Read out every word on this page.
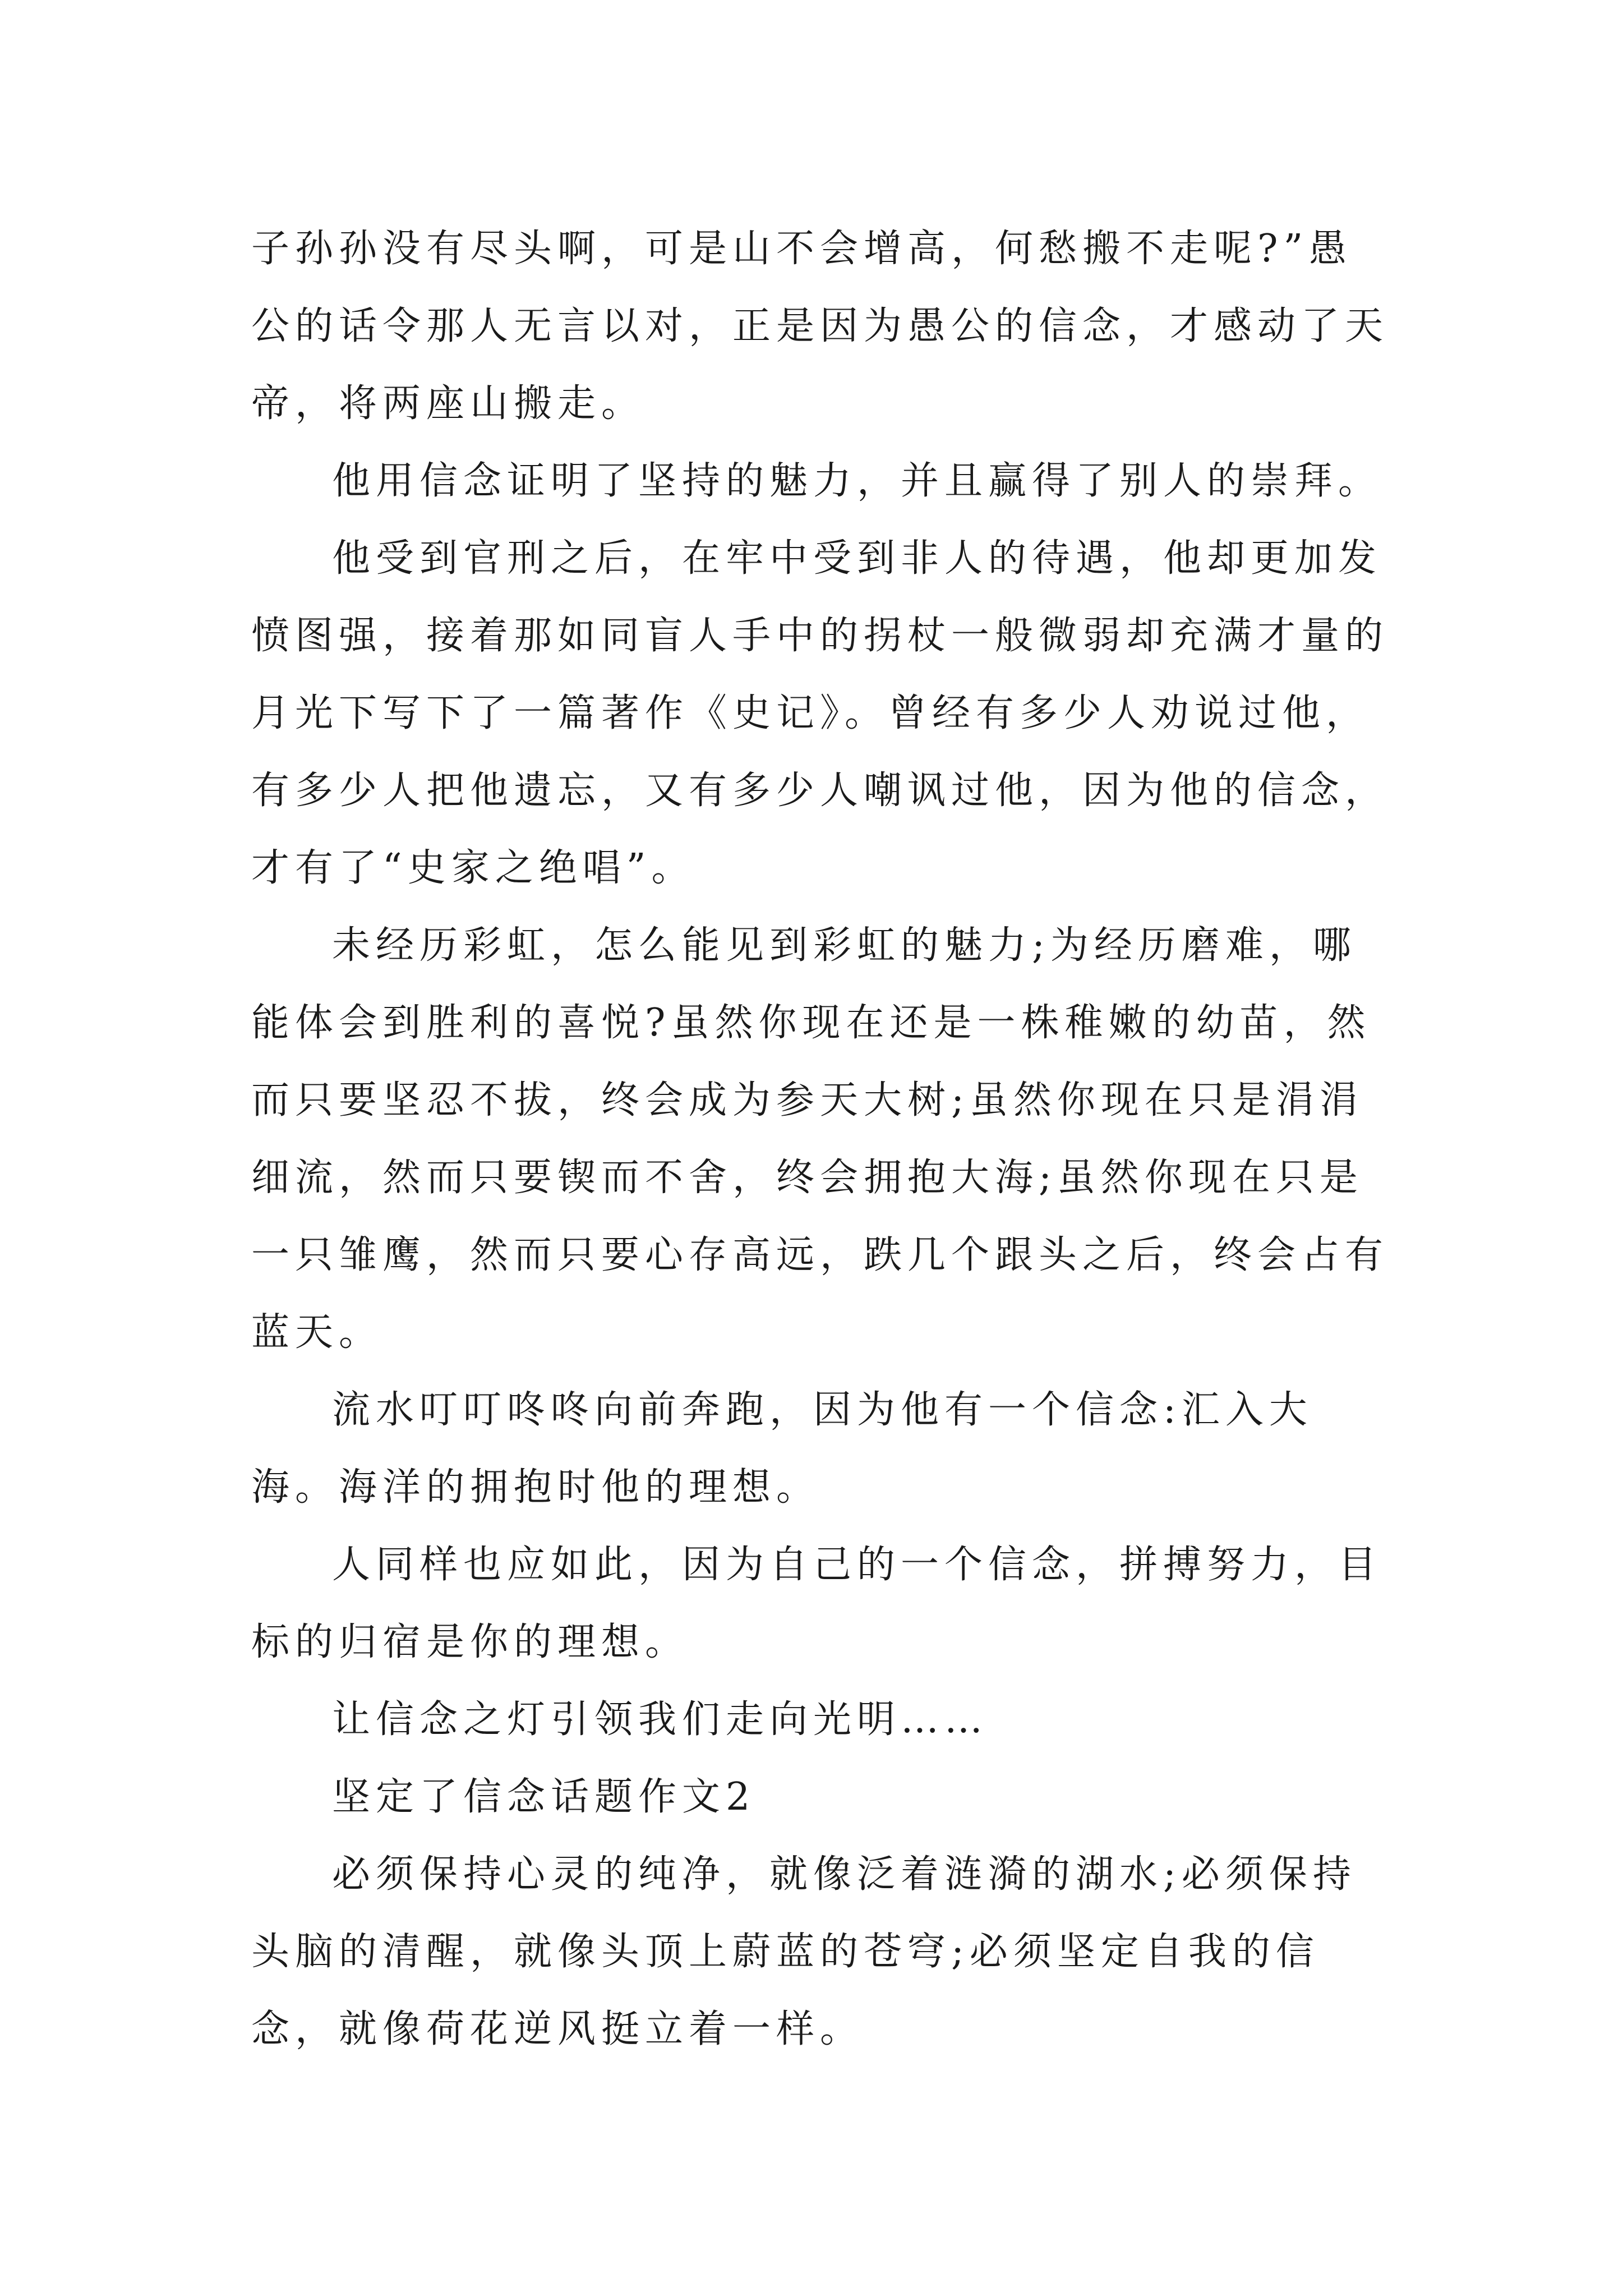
子孙孙没有尽头啊，可是山不会增高，何愁搬不走呢?”愚公的话令那人无言以对，正是因为愚公的信念，才感动了天帝，将两座山搬走。

他用信念证明了坚持的魅力，并且赢得了别人的崇拜。

他受到官刑之后，在牢中受到非人的待遇，他却更加发愤图强，接着那如同盲人手中的拐杖一般微弱却充满才量的月光下写下了一篇著作《史记》。曾经有多少人劝说过他，有多少人把他遗忘，又有多少人嘲讽过他，因为他的信念，才有了“史家之绝唱”。

未经历彩虹，怎么能见到彩虹的魅力;为经历磨难，哪能体会到胜利的喜悦?虽然你现在还是一株稚嫩的幼苗，然而只要坚忍不拔，终会成为参天大树;虽然你现在只是涓涓细流，然而只要锲而不舍，终会拥抱大海;虽然你现在只是一只雏鹰，然而只要心存高远，跌几个跟头之后，终会占有蓝天。

流水叮叮咚咚向前奔跑，因为他有一个信念:汇入大海。海洋的拥抱时他的理想。

人同样也应如此，因为自己的一个信念，拼搏努力，目标的归宿是你的理想。

让信念之灯引领我们走向光明……

坚定了信念话题作文2

必须保持心灵的纯净，就像泛着涟漪的湖水;必须保持头脑的清醒，就像头顶上蔚蓝的苍穹;必须坚定自我的信念，就像荷花逆风挺立着一样。
